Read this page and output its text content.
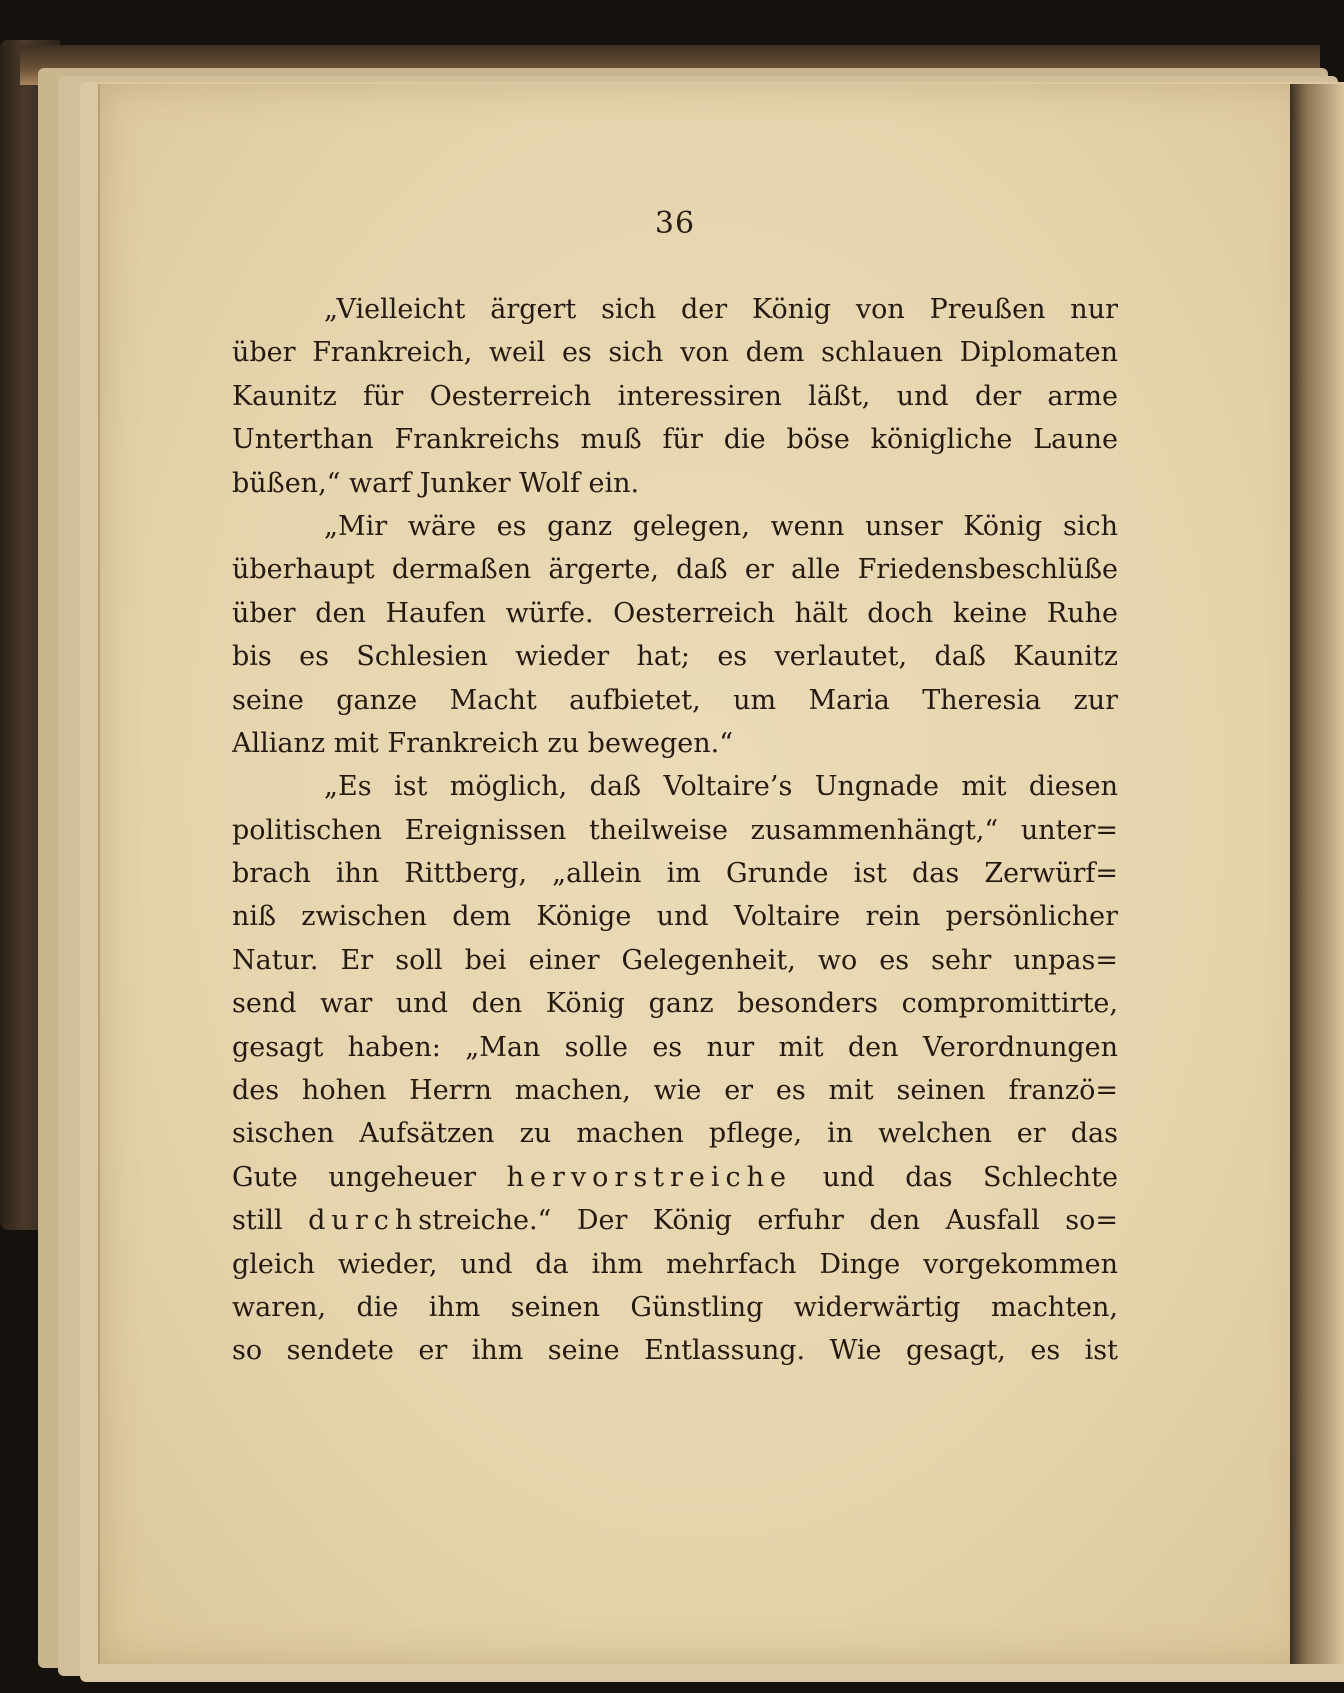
36
„Vielleicht ärgert sich der König von Preußen nur
über Frankreich, weil es sich von dem schlauen Diplomaten
Kaunitz für Oesterreich interessiren läßt, und der arme
Unterthan Frankreichs muß für die böse königliche Laune
büßen,“ warf Junker Wolf ein.
„Mir wäre es ganz gelegen, wenn unser König sich
überhaupt dermaßen ärgerte, daß er alle Friedensbeschlüße
über den Haufen würfe. Oesterreich hält doch keine Ruhe
bis es Schlesien wieder hat; es verlautet, daß Kaunitz
seine ganze Macht aufbietet, um Maria Theresia zur
Allianz mit Frankreich zu bewegen.“
„Es ist möglich, daß Voltaire’s Ungnade mit diesen
politischen Ereignissen theilweise zusammenhängt,“ unter=
brach ihn Rittberg, „allein im Grunde ist das Zerwürf=
niß zwischen dem Könige und Voltaire rein persönlicher
Natur. Er soll bei einer Gelegenheit, wo es sehr unpas=
send war und den König ganz besonders compromittirte,
gesagt haben: „Man solle es nur mit den Verordnungen
des hohen Herrn machen, wie er es mit seinen franzö=
sischen Aufsätzen zu machen pflege, in welchen er das
Gute ungeheuer hervorstreiche und das Schlechte
still durchstreiche.“ Der König erfuhr den Ausfall so=
gleich wieder, und da ihm mehrfach Dinge vorgekommen
waren, die ihm seinen Günstling widerwärtig machten,
so sendete er ihm seine Entlassung. Wie gesagt, es ist
